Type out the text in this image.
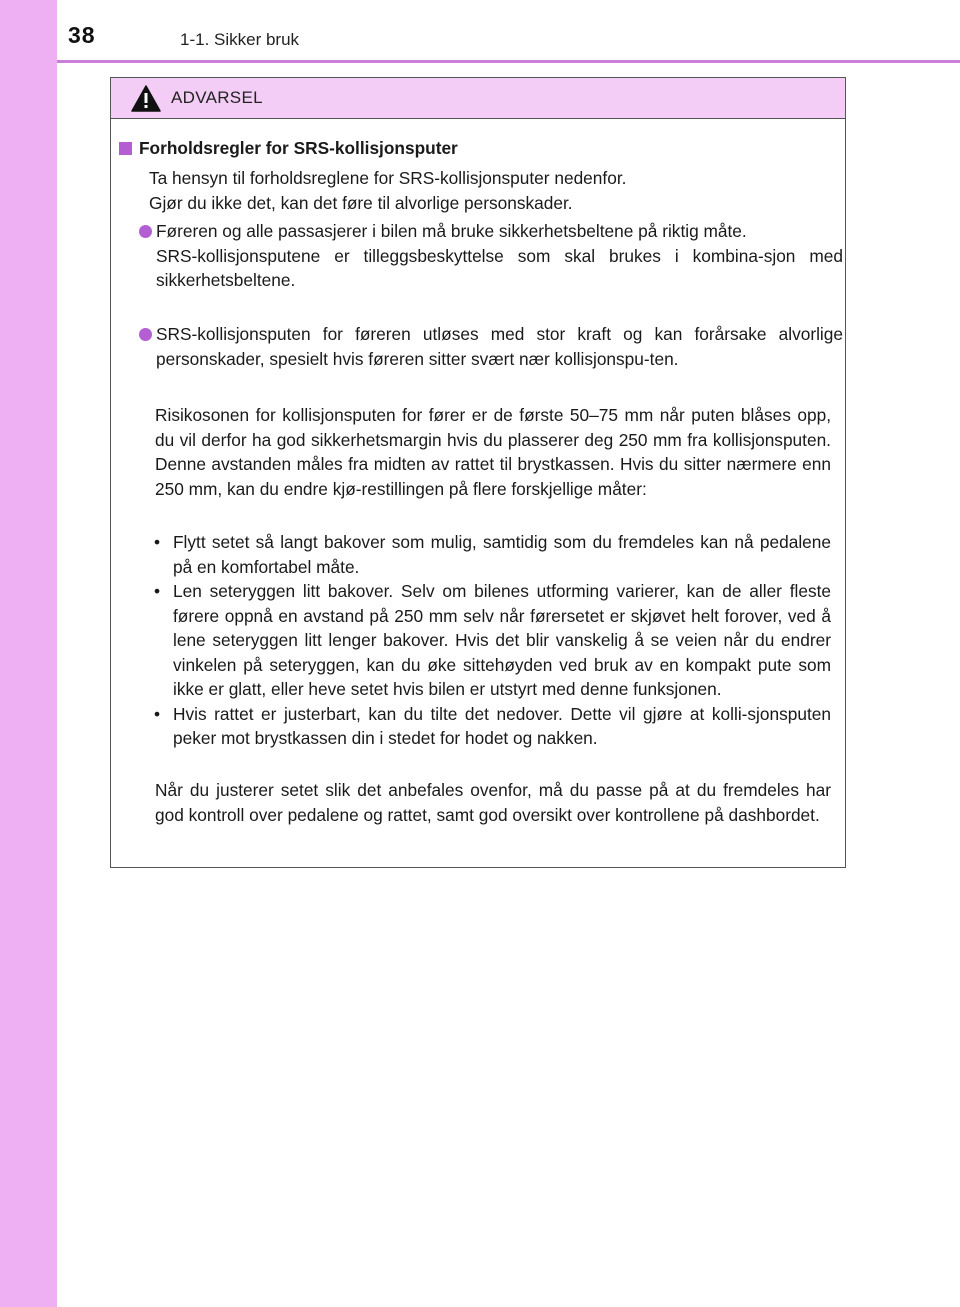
38	1-1. Sikker bruk
ADVARSEL
Forholdsregler for SRS-kollisjonsputer
Ta hensyn til forholdsreglene for SRS-kollisjonsputer nedenfor.
Gjør du ikke det, kan det føre til alvorlige personskader.
Føreren og alle passasjerer i bilen må bruke sikkerhetsbeltene på riktig måte.
SRS-kollisjonsputene er tilleggsbeskyttelse som skal brukes i kombina-sjon med sikkerhetsbeltene.
SRS-kollisjonsputen for føreren utløses med stor kraft og kan forårsake alvorlige personskader, spesielt hvis føreren sitter svært nær kollisjonspu-ten.
Risikosonen for kollisjonsputen for fører er de første 50–75 mm når puten blåses opp, du vil derfor ha god sikkerhetsmargin hvis du plasserer deg 250 mm fra kollisjonsputen. Denne avstanden måles fra midten av rattet til brystkassen. Hvis du sitter nærmere enn 250 mm, kan du endre kjø-restillingen på flere forskjellige måter:
• Flytt setet så langt bakover som mulig, samtidig som du fremdeles kan nå pedalene på en komfortabel måte.
• Len seteryggen litt bakover. Selv om bilenes utforming varierer, kan de aller fleste førere oppnå en avstand på 250 mm selv når førersetet er skjøvet helt forover, ved å lene seteryggen litt lenger bakover. Hvis det blir vanskelig å se veien når du endrer vinkelen på seteryggen, kan du øke sittehøyden ved bruk av en kompakt pute som ikke er glatt, eller heve setet hvis bilen er utstyrt med denne funksjonen.
• Hvis rattet er justerbart, kan du tilte det nedover. Dette vil gjøre at kolli-sjonsputen peker mot brystkassen din i stedet for hodet og nakken.
Når du justerer setet slik det anbefales ovenfor, må du passe på at du fremdeles har god kontroll over pedalene og rattet, samt god oversikt over kontrollene på dashbordet.
